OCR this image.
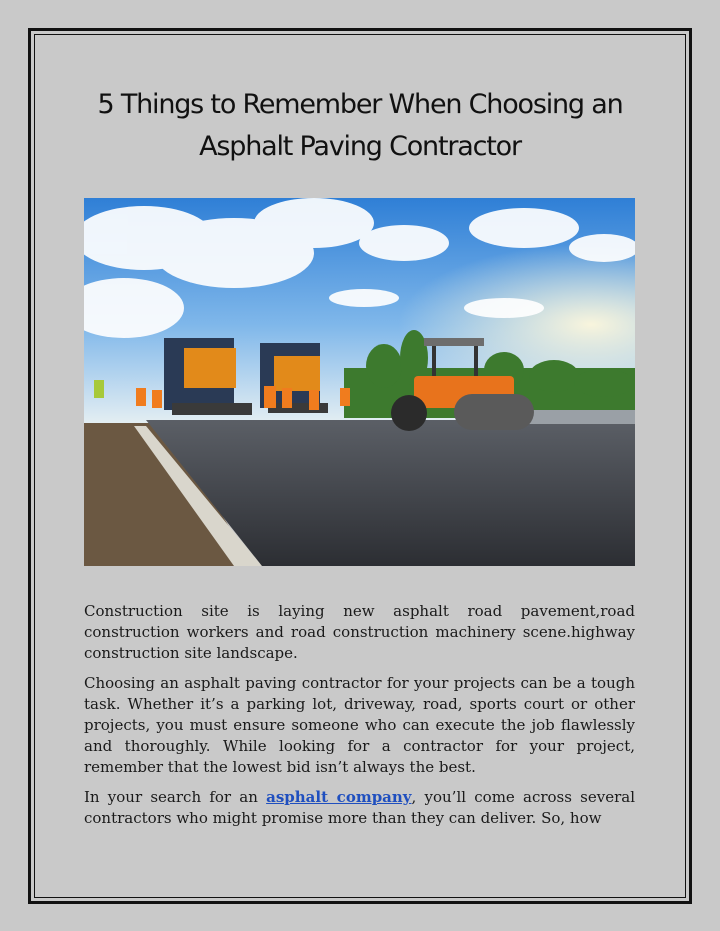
5 Things to Remember When Choosing an Asphalt Paving Contractor

Construction site is laying new asphalt road pavement,road construction workers and road construction machinery scene.highway construction site landscape.

Choosing an asphalt paving contractor for your projects can be a tough task. Whether it’s a parking lot, driveway, road, sports court or other projects, you must ensure someone who can execute the job flawlessly and thoroughly. While looking for a contractor for your project, remember that the lowest bid isn’t always the best.

In your search for an asphalt company, you’ll come across several contractors who might promise more than they can deliver. So, how
